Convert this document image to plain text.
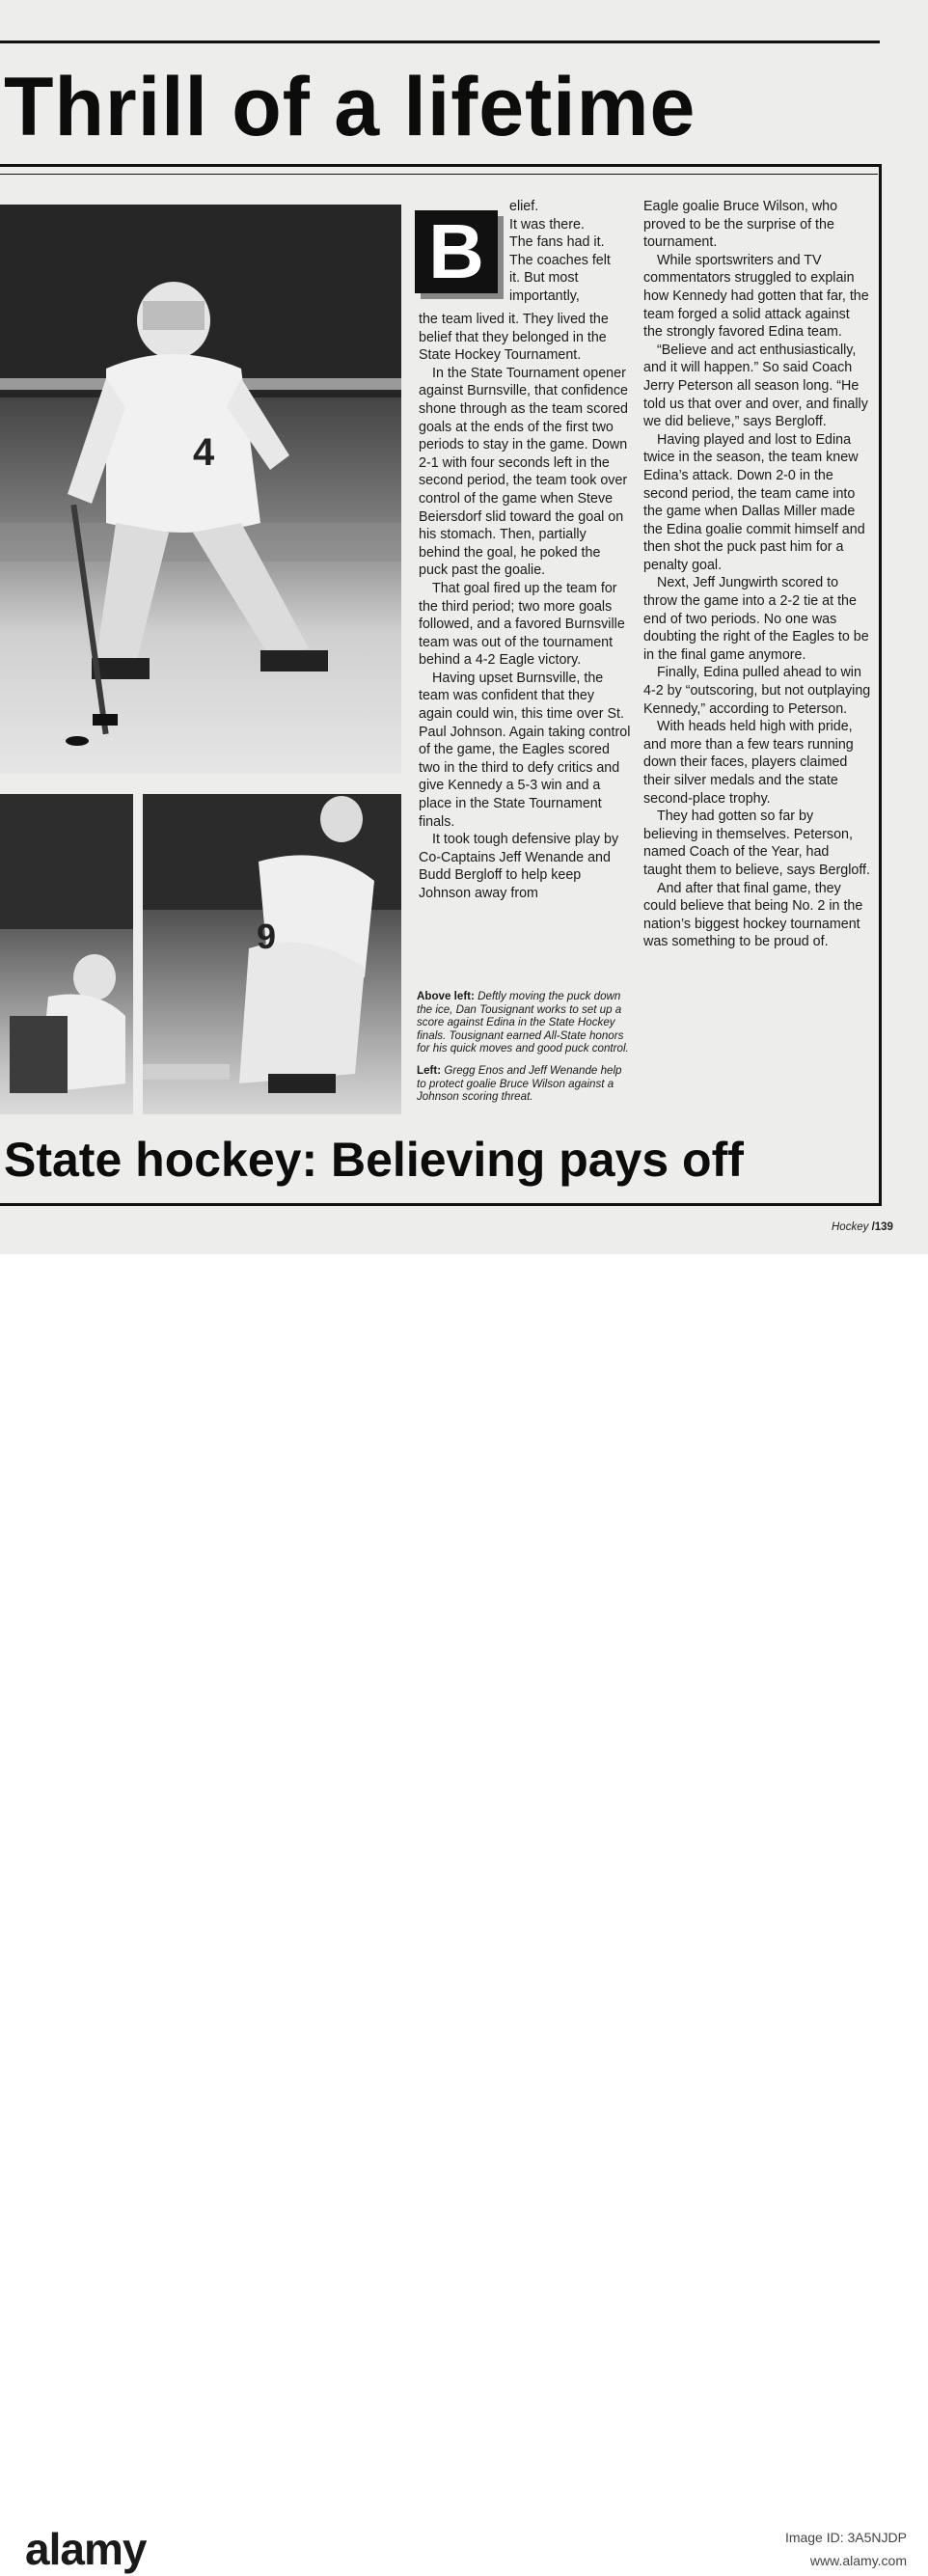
Thrill of a lifetime
4
9
B
elief.
It was there.
The fans had it.
The coaches felt
it. But most
importantly,

the team lived it. They lived the belief that they belonged in the State Hockey Tournament.

In the State Tournament opener against Burnsville, that confidence shone through as the team scored goals at the ends of the first two periods to stay in the game. Down 2-1 with four seconds left in the second period, the team took over control of the game when Steve Beiersdorf slid toward the goal on his stomach. Then, partially behind the goal, he poked the puck past the goalie.

That goal fired up the team for the third period; two more goals followed, and a favored Burnsville team was out of the tournament behind a 4-2 Eagle victory.

Having upset Burnsville, the team was confident that they again could win, this time over St. Paul Johnson. Again taking control of the game, the Eagles scored two in the third to defy critics and give Kennedy a 5-3 win and a place in the State Tournament finals.

It took tough defensive play by Co-Captains Jeff Wenande and Budd Bergloff to help keep Johnson away from

Eagle goalie Bruce Wilson, who proved to be the surprise of the tournament.

While sportswriters and TV commentators struggled to explain how Kennedy had gotten that far, the team forged a solid attack against the strongly favored Edina team.

“Believe and act enthusiastically, and it will happen.” So said Coach Jerry Peterson all season long. “He told us that over and over, and finally we did believe,” says Bergloff.

Having played and lost to Edina twice in the season, the team knew Edina’s attack. Down 2-0 in the second period, the team came into the game when Dallas Miller made the Edina goalie commit himself and then shot the puck past him for a penalty goal.

Next, Jeff Jungwirth scored to throw the game into a 2-2 tie at the end of two periods. No one was doubting the right of the Eagles to be in the final game anymore.

Finally, Edina pulled ahead to win 4-2 by “outscoring, but not outplaying Kennedy,” according to Peterson.

With heads held high with pride, and more than a few tears running down their faces, players claimed their silver medals and the state second-place trophy.

They had gotten so far by believing in themselves. Peterson, named Coach of the Year, had taught them to believe, says Bergloff.

And after that final game, they could believe that being No. 2 in the nation’s biggest hockey tournament was something to be proud of.

Above left: Deftly moving the puck down the ice, Dan Tousignant works to set up a score against Edina in the State Hockey finals. Tousignant earned All-State honors for his quick moves and good puck control.

Left: Gregg Enos and Jeff Wenande help to protect goalie Bruce Wilson against a Johnson scoring threat.

State hockey: Believing pays off
Hockey /139
alamy	Image ID: 3A5NJDP
www.alamy.com
